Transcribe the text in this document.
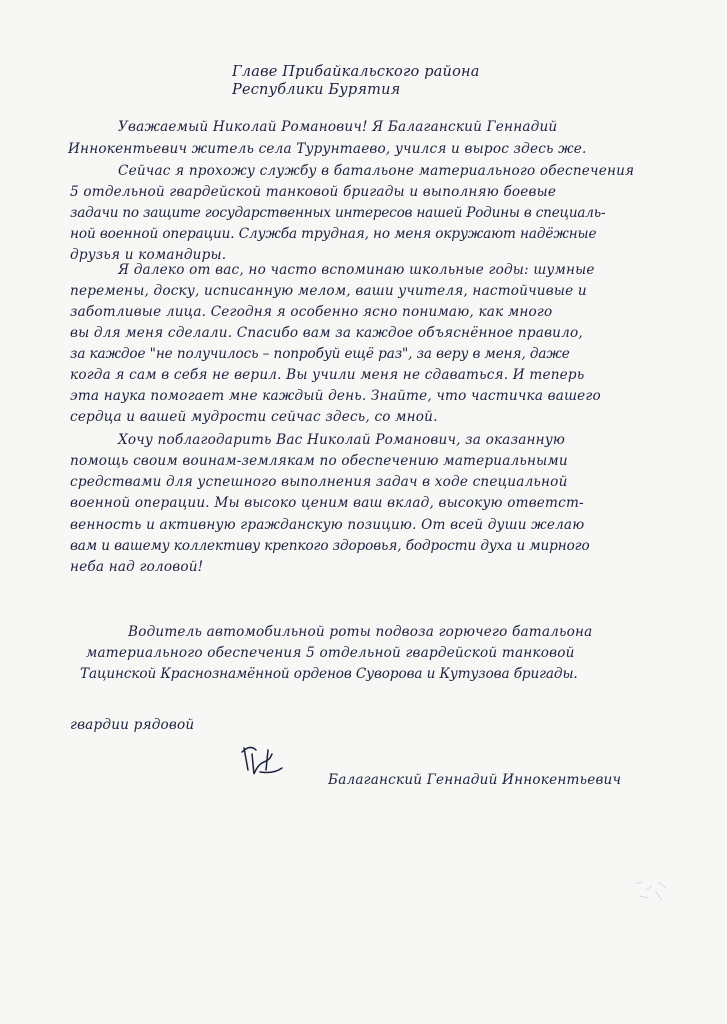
Главе Прибайкальского района
Республики Бурятия
Уважаемый Николай Романович! Я Балаганский Геннадий
Иннокентьевич житель села Турунтаево, учился и вырос здесь же.
Сейчас я прохожу службу в батальоне материального обеспечения
5 отдельной гвардейской танковой бригады и выполняю боевые
задачи по защите государственных интересов нашей Родины в специаль-
ной военной операции. Служба трудная, но меня окружают надёжные
друзья и командиры.
Я далеко от вас, но часто вспоминаю школьные годы: шумные
перемены, доску, исписанную мелом, ваши учителя, настойчивые и
заботливые лица. Сегодня я особенно ясно понимаю, как много
вы для меня сделали. Спасибо вам за каждое объяснённое правило,
за каждое "не получилось – попробуй ещё раз", за веру в меня, даже
когда я сам в себя не верил. Вы учили меня не сдаваться. И теперь
эта наука помогает мне каждый день. Знайте, что частичка вашего
сердца и вашей мудрости сейчас здесь, со мной.
Хочу поблагодарить Вас Николай Романович, за оказанную
помощь своим воинам-землякам по обеспечению материальными
средствами для успешного выполнения задач в ходе специальной
военной операции. Мы высоко ценим ваш вклад, высокую ответст-
венность и активную гражданскую позицию. От всей души желаю
вам и вашему коллективу крепкого здоровья, бодрости духа и мирного
неба над головой!
Водитель автомобильной роты подвоза горючего батальона
материального обеспечения 5 отдельной гвардейской танковой
Тацинской Краснознамённой орденов Суворова и Кутузова бригады.
гвардии рядовой
Балаганский Геннадий Иннокентьевич
